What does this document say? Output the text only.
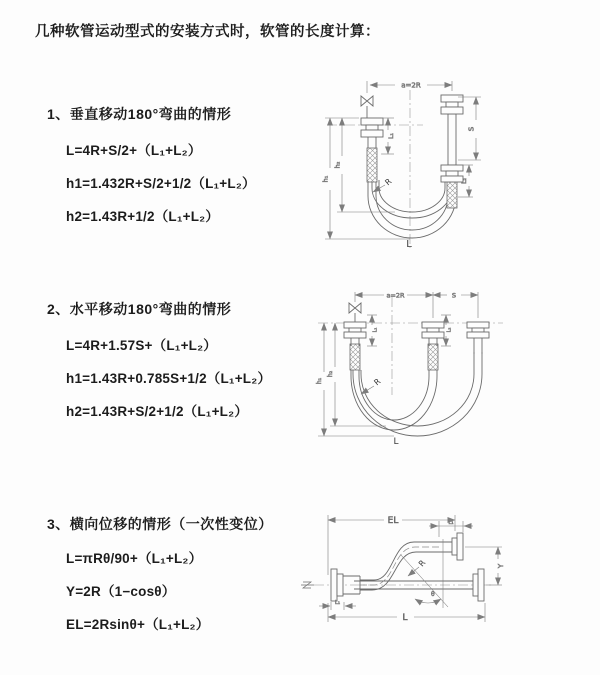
几种软管运动型式的安装方式时，软管的长度计算：
1、垂直移动180°弯曲的情形
L=4R+S/2+（L₁+L₂）
h1=1.432R+S/2+1/2（L₁+L₂）
h2=1.43R+1/2（L₁+L₂）
2、水平移动180°弯曲的情形
L=4R+1.57S+（L₁+L₂）
h1=1.43R+0.785S+1/2（L₁+L₂）
h2=1.43R+S/2+1/2（L₁+L₂）
3、横向位移的情形（一次性变位）
L=πRθ/90+（L₁+L₂）
Y=2R（1−cosθ）
EL=2Rsinθ+（L₁+L₂）
a=2R
S
L₂
L₁
h₁
h₂
R
L
a=2R	S
h₁
h₂
L₁	L₂
R
L
θ
EL	L₁
Y
L
L₁
R
